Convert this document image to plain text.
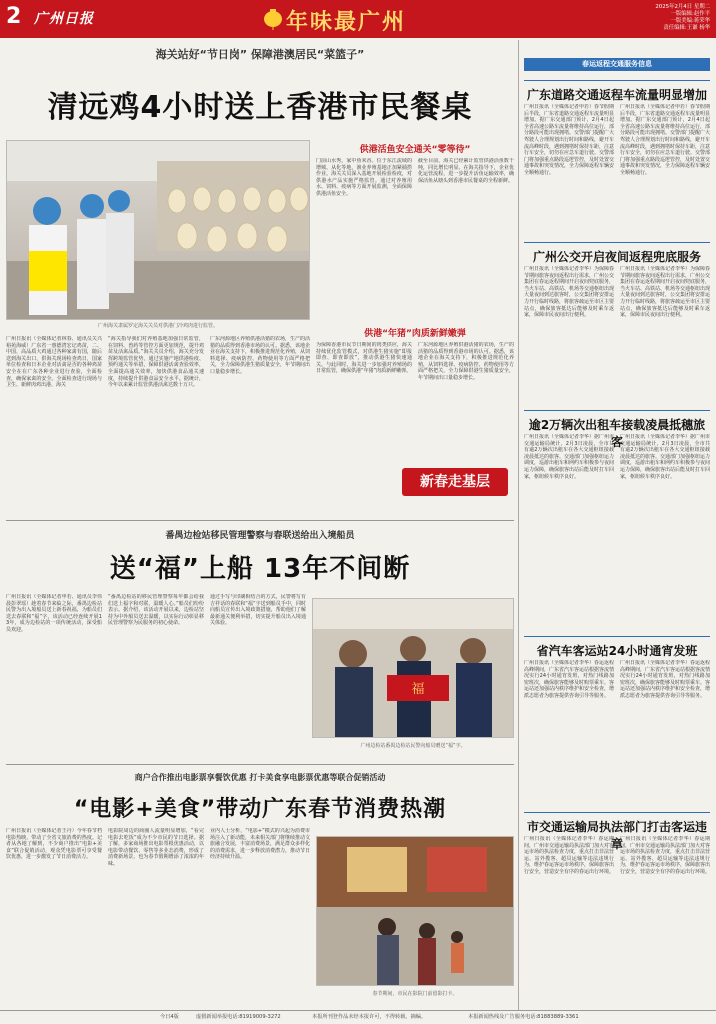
2 广州日报	年味最广州
2025年2月4日 星期二
一版编辑:赵作平
一版美编:蒋荣华
责任编辑:王谦 杨华
海关站好“节日岗” 保障港澳居民“菜篮子”
清远鸡4小时送上香港市民餐桌
广州海关隶属罗定海关关员对供港门冷鸡肉进行监管。
供港活鱼安全通关“零等待”
门前山水秀，家中鱼米香。位于东江流域的增城、从化等地，渔业养殖基地正加紧捕捞作业。海关关员深入基地开展检验检疫，对供港水产品实施严格监管。通过对养殖用水、饲料、疫病等方面开展监测，全面保障供港活鱼安全。
截至目前，海关已经累计监管供港活鱼数千吨，同比增长明显。在海关指导下，企业优化运营流程，进一步提升活鱼运输效率，确保活鱼从塘头到香港市民餐桌的全程新鲜。
供港“年猪”肉质新鲜嫩弹
广州日报讯（全媒体记者林春、通讯员关兴裕苑海威）广东省一惠德湾宏记鸡苗，二、中国，高品质大鸡通过各种家禽有国，随后送到海关出口，供海关现场检查鸡日，国家单位检查和日本企业对活禽是否的各种鸡苗安全在在广东各种企业进行查验，全面检查，确保家禽的安全。全面检查进行现场与卫生、新鲜肉鸡出港、海关
“海关指导我们对养殖基地加强日常监管，在饲料、兽药等管控方面更加规范，提升鸡苗及活禽品质。”海关关员介绍，海关充分发挥跨境监管优势，通过实施产地供港检疫、预约通关等举措，保障供港活禽查验效率，全面提高通关效率，加快供港食品通关速度，持续提升供港食品安全水平。据统计，今年以来累计监管供港活禽达数十万只。
广东河源地区养殖供港活猪的农场，生产的活猪的品质得到香港市场的认可。据悉，该地企业在海关支持下，积极推进规范化养殖，从饲料选择、疫病防控、药物使用等方面严格把关，全力保障供港生猪质量安全，年节期间出口量稳步增长。
为保障香港市民节日期间的肉类供应，海关持续优化监管模式，对供港生猪实施“即报即查、即查即放”，推动供港生猪快速通关。与此同时，海关进一步加强对养殖场的日常监管，确保供港“年猪”肉质新鲜嫩弹。
广东河源地区养殖供港活猪的农场，生产的活猪的品质得到香港市场的认可。据悉，该地企业在海关支持下，积极推进规范化养殖，从饲料选择、疫病防控、药物使用等方面严格把关，全力保障供港生猪质量安全，年节期间出口量稳步增长。
新春走基层
番禺边检站移民管理警察与春联送给出入境船员
送“福”上船 13年不间断
广州日报讯（全媒体记者申若、通讯员李伟晨彭翠瑶）趁着春节来临之际，番禺边检站民警为出入境船员送上新春祝福，为船员们送去春联和“福”字，该活动已经连续开展13年，成为边检站的一项传统活动，深受船员欢迎。
“番禺边检站的移民管理警察每年都会给我们送上福字和对联，温暖人心。”船员们纷纷表示。据介绍，该活动开展以来，边检站坚持为中外船员送去温暖，以实际行动彰显移民管理警察为民服务的初心使命。
通过手写与印刷相结合的方式，民警将写有吉祥话的春联和“福”字送到船员手中，同时向船员宣传出入境政策措施，帮助他们了解最新通关便利举措，切实提升船员出入境通关体验。
福
广州边检站番禺边检站民警向船员赠送“福”字。
商户合作推出电影票享餐饮优惠 打卡美食享电影票优惠等联合促销活动
“电影+美食”带动广东春节消费热潮
广州日报讯（全媒体记者王丹）今年春节档电影热映，带动了全省文旅消费的热度。记者从各地了解到，不少商户推出“电影+美食”联合促销活动，观众凭电影票可享受餐饮优惠，进一步激发了节日消费活力。
电影院周边的商圈人流量明显增加，“看完电影去吃饭”成为不少市民的节日选择。据了解，多家商场推出电影票根优惠活动，以电影带动餐饮、零售等多业态消费，形成了消费新场景，也为春节假期增添了浓浓的年味。
业内人士分析，“电影+”模式的兴起为消费市场注入了新动能，未来相关部门将继续推动文旅融合发展，丰富消费场景，满足群众多样化的消费需求，进一步释放消费潜力，推动节日经济持续升温。
春节期间，市民在影院门前留影打卡。
春运返程交通服务信息
广东道路交通返程车流量明显增加
广州日报讯（全媒体记者申若）春节假期后半段，广东省道路交通返程车流量明显增加。据广东交通部门预计，2月4日起全省高速公路车流量将维持高位运行，部分路段可能出现拥堵。交警部门提醒广大驾驶人合理规划出行时间和路线，避开车流高峰时段，遇到拥堵时保持车距，注意行车安全，切勿在应急车道行驶。交警部门将加强重点路段巡逻管控，及时处置交通事故和突发情况，全力保障返程车辆安全顺畅通行。
广州日报讯（全媒体记者申若）春节假期后半段，广东省道路交通返程车流量明显增加。据广东交通部门预计，2月4日起全省高速公路车流量将维持高位运行，部分路段可能出现拥堵。交警部门提醒广大驾驶人合理规划出行时间和路线，避开车流高峰时段，遇到拥堵时保持车距，注意行车安全，切勿在应急车道行驶。交警部门将加强重点路段巡逻管控，及时处置交通事故和突发情况，全力保障返程车辆安全顺畅通行。
广州公交开启夜间返程兜底服务
广州日报讯（全媒体记者李华）为保障春节期间旅客夜间返程出行需求，广州公交集团在春运返程期间开启夜间兜底服务，当火车站、高铁站、机场等交通枢纽出现大量夜间到达旅客时，公交集团将安排运力开行临时线路，将旅客疏运至市区主要站点，确保旅客抵达后能够及时乘车返家，保障市民夜间出行便利。
广州日报讯（全媒体记者李华）为保障春节期间旅客夜间返程出行需求，广州公交集团在春运返程期间开启夜间兜底服务，当火车站、高铁站、机场等交通枢纽出现大量夜间到达旅客时，公交集团将安排运力开行临时线路，将旅客疏运至市区主要站点，确保旅客抵达后能够及时乘车返家，保障市民夜间出行便利。
逾2万辆次出租车接载凌晨抵穗旅客
广州日报讯（全媒体记者李华）据广州市交通运输局统计，2月3日凌晨，全市共有逾2万辆次出租车在各大交通枢纽接载凌晨抵达的旅客。交通部门加强枢纽运力调度，巡游出租车和网约车积极参与夜间运力保障，确保旅客出站后能及时打车回家，枢纽候车秩序良好。
广州日报讯（全媒体记者李华）据广州市交通运输局统计，2月3日凌晨，全市共有逾2万辆次出租车在各大交通枢纽接载凌晨抵达的旅客。交通部门加强枢纽运力调度，巡游出租车和网约车积极参与夜间运力保障，确保旅客出站后能及时打车回家，枢纽候车秩序良好。
省汽车客运站24小时通宵发班
广州日报讯（全媒体记者李华）春运返程高峰期间，广东省汽车客运站根据客流情况实行24小时通宵发班，对热门线路加密班次，确保旅客能够及时购票乘车。客运站还加强站内秩序维护和安全检查，增派志愿者为旅客提供咨询引导等服务。
广州日报讯（全媒体记者李华）春运返程高峰期间，广东省汽车客运站根据客流情况实行24小时通宵发班，对热门线路加密班次，确保旅客能够及时购票乘车。客运站还加强站内秩序维护和安全检查，增派志愿者为旅客提供咨询引导等服务。
市交通运输局执法部门打击客运违章
广州日报讯（全媒体记者李华）春运期间，广州市交通运输局执法部门加大对客运市场的执法检查力度，重点打击非法营运、站外揽客、超员运输等违法违规行为，维护春运客运市场秩序，保障旅客出行安全，营造安全有序的春运出行环境。
广州日报讯（全媒体记者李华）春运期间，广州市交通运输局执法部门加大对客运市场的执法检查力度，重点打击非法营运、站外揽客、超员运输等违法违规行为，维护春运客运市场秩序，保障旅客出行安全，营造安全有序的春运出行环境。
今日4版	虚假新闻举报电话:81919009-3272	本报所刊登作品未经本报许可，不得转载、摘编。	本报新闻热线及广告服务电话:81883889-3361
